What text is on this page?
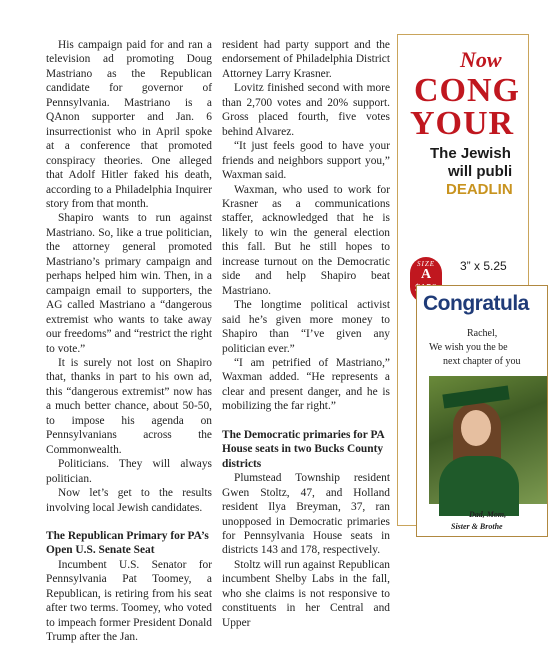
His campaign paid for and ran a television ad promoting Doug Mastriano as the Republican candidate for governor of Pennsylvania. Mastriano is a QAnon supporter and Jan. 6 insurrectionist who in April spoke at a conference that promoted conspiracy theories. One alleged that Adolf Hitler faked his death, according to a Philadelphia Inquirer story from that month.

Shapiro wants to run against Mastriano. So, like a true politician, the attorney general promoted Mastriano’s primary campaign and perhaps helped him win. Then, in a campaign email to supporters, the AG called Mastriano a “dangerous extremist who wants to take away our freedoms” and “restrict the right to vote.”

It is surely not lost on Shapiro that, thanks in part to his own ad, this “dangerous extremist” now has a much better chance, about 50-50, to impose his agenda on Pennsylvanians across the Commonwealth.

Politicians. They will always politician.

Now let’s get to the results involving local Jewish candidates.

The Republican Primary for PA’s Open U.S. Senate Seat

Incumbent U.S. Senator for Pennsylvania Pat Toomey, a Republican, is retiring from his seat after two terms. Toomey, who voted to impeach former President Donald Trump after the Jan.

resident had party support and the endorsement of Philadelphia District Attorney Larry Krasner.

Lovitz finished second with more than 2,700 votes and 20% support. Gross placed fourth, five votes behind Alvarez.

“It just feels good to have your friends and neighbors support you,” Waxman said.

Waxman, who used to work for Krasner as a communications staffer, acknowledged that he is likely to win the general election this fall. But he still hopes to increase turnout on the Democratic side and help Shapiro beat Mastriano.

The longtime political activist said he’s given more money to Shapiro than “I’ve given any politician ever.”

“I am petrified of Mastriano,” Waxman added. “He represents a clear and present danger, and he is mobilizing the far right.”

The Democratic primaries for PA House seats in two Bucks County districts

Plumstead Township resident Gwen Stoltz, 47, and Holland resident Ilya Breyman, 37, ran unopposed in Democratic primaries for Pennsylvania House seats in districts 143 and 178, respectively.

Stoltz will run against Republican incumbent Shelby Labs in the fall, who she claims is not responsive to constituents in her Central and Upper

Now
CONG
YOUR
The Jewish
will publi
DEADLIN
SIZE
A
3” x 5.25
Congratula
Rachel,
We wish you the be
next chapter of you
Dad, Mom,
Sister & Brothe
